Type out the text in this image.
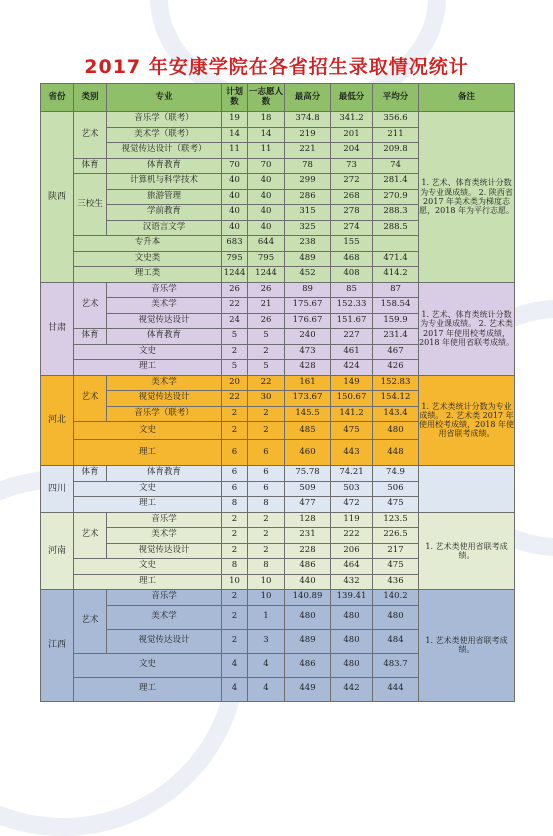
2017 年安康学院在各省招生录取情况统计
省份	类别	专业	计划数	一志愿人数	最高分	最低分	平均分	备注
陕西	艺术	音乐学（联考）	19	18	374.8	341.2	356.6	1. 艺术、体育类统计分数为专业课成绩。 2. 陕西省 2017 年美术类为梯度志愿，2018 年为平行志愿。
		美术学（联考）	14	14	219	201	211	
		视觉传达设计（联考）	11	11	221	204	209.8	
	体育	体育教育	70	70	78	73	74	
	三校生	计算机与科学技术	40	40	299	272	281.4	
		旅游管理	40	40	286	268	270.9	
		学前教育	40	40	315	278	288.3	
		汉语言文学	40	40	325	274	288.5	
	专升本		683	644	238	155		
	文史类		795	795	489	468	471.4	
	理工类		1244	1244	452	408	414.2	
甘肃	艺术	音乐学	26	26	89	85	87	1. 艺术、体育类统计分数为专业课成绩。 2. 艺术类 2017 年使用校考成绩，2018 年使用省联考成绩。
		美术学	22	21	175.67	152.33	158.54	
		视觉传达设计	24	26	176.67	151.67	159.9	
	体育	体育教育	5	5	240	227	231.4	
	文史		2	2	473	461	467	
	理工		5	5	428	424	426	
河北	艺术	美术学	20	22	161	149	152.83	1. 艺术类统计分数为专业成绩。 2. 艺术类 2017 年使用校考成绩，2018 年使用省联考成绩。
		视觉传达设计	22	30	173.67	150.67	154.12	
		音乐学（联考）	2	2	145.5	141.2	143.4	
	文史		2	2	485	475	480	
	理工		6	6	460	443	448	
四川	体育	体育教育	6	6	75.78	74.21	74.9	
	文史		6	6	509	503	506	
	理工		8	8	477	472	475	
河南	艺术	音乐学	2	2	128	119	123.5	1. 艺术类使用省联考成绩。
		美术学	2	2	231	222	226.5	
		视觉传达设计	2	2	228	206	217	
	文史		8	8	486	464	475	
	理工		10	10	440	432	436	
江西	艺术	音乐学	2	10	140.89	139.41	140.2	1. 艺术类使用省联考成绩。
		美术学	2	1	480	480	480	
		视觉传达设计	2	3	489	480	484	
	文史		4	4	486	480	483.7	
	理工		4	4	449	442	444	
